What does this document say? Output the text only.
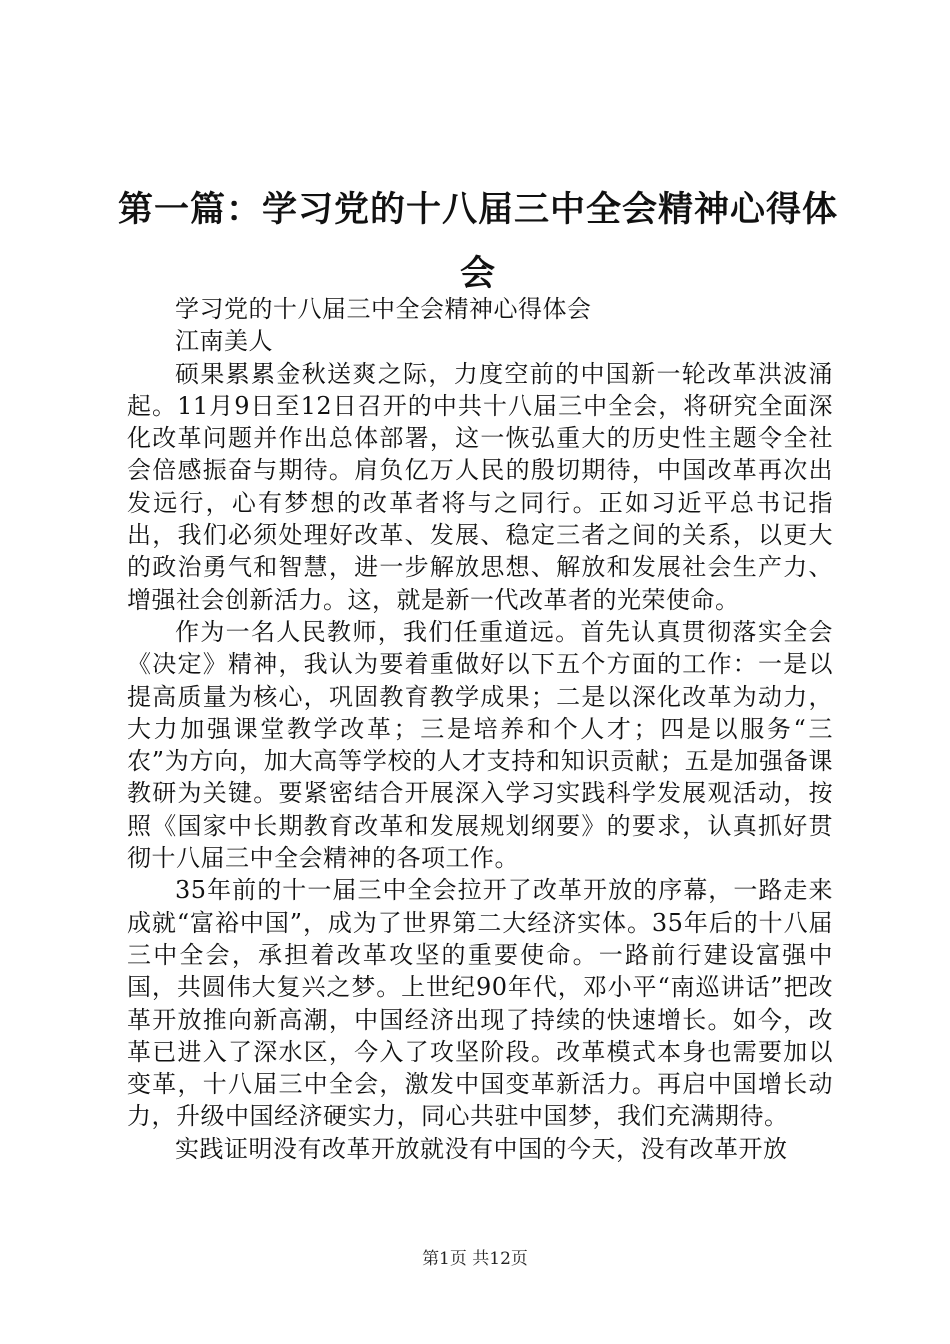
第一篇：学习党的十八届三中全会精神心得体会

学习党的十八届三中全会精神心得体会

江南美人

硕果累累金秋送爽之际，力度空前的中国新一轮改革洪波涌起。11月9日至12日召开的中共十八届三中全会，将研究全面深化改革问题并作出总体部署，这一恢弘重大的历史性主题令全社会倍感振奋与期待。肩负亿万人民的殷切期待，中国改革再次出发远行，心有梦想的改革者将与之同行。正如习近平总书记指出，我们必须处理好改革、发展、稳定三者之间的关系，以更大的政治勇气和智慧，进一步解放思想、解放和发展社会生产力、增强社会创新活力。这，就是新一代改革者的光荣使命。

作为一名人民教师，我们任重道远。首先认真贯彻落实全会《决定》精神，我认为要着重做好以下五个方面的工作：一是以提高质量为核心，巩固教育教学成果；二是以深化改革为动力，大力加强课堂教学改革；三是培养和个人才；四是以服务“三农”为方向，加大高等学校的人才支持和知识贡献；五是加强备课教研为关键。要紧密结合开展深入学习实践科学发展观活动，按照《国家中长期教育改革和发展规划纲要》的要求，认真抓好贯彻十八届三中全会精神的各项工作。

35年前的十一届三中全会拉开了改革开放的序幕，一路走来成就“富裕中国”，成为了世界第二大经济实体。35年后的十八届三中全会，承担着改革攻坚的重要使命。一路前行建设富强中国，共圆伟大复兴之梦。上世纪90年代，邓小平“南巡讲话”把改革开放推向新高潮，中国经济出现了持续的快速增长。如今，改革已进入了深水区，今入了攻坚阶段。改革模式本身也需要加以变革，十八届三中全会，激发中国变革新活力。再启中国增长动力，升级中国经济硬实力，同心共驻中国梦，我们充满期待。

实践证明没有改革开放就没有中国的今天，没有改革开放

第1页 共12页
